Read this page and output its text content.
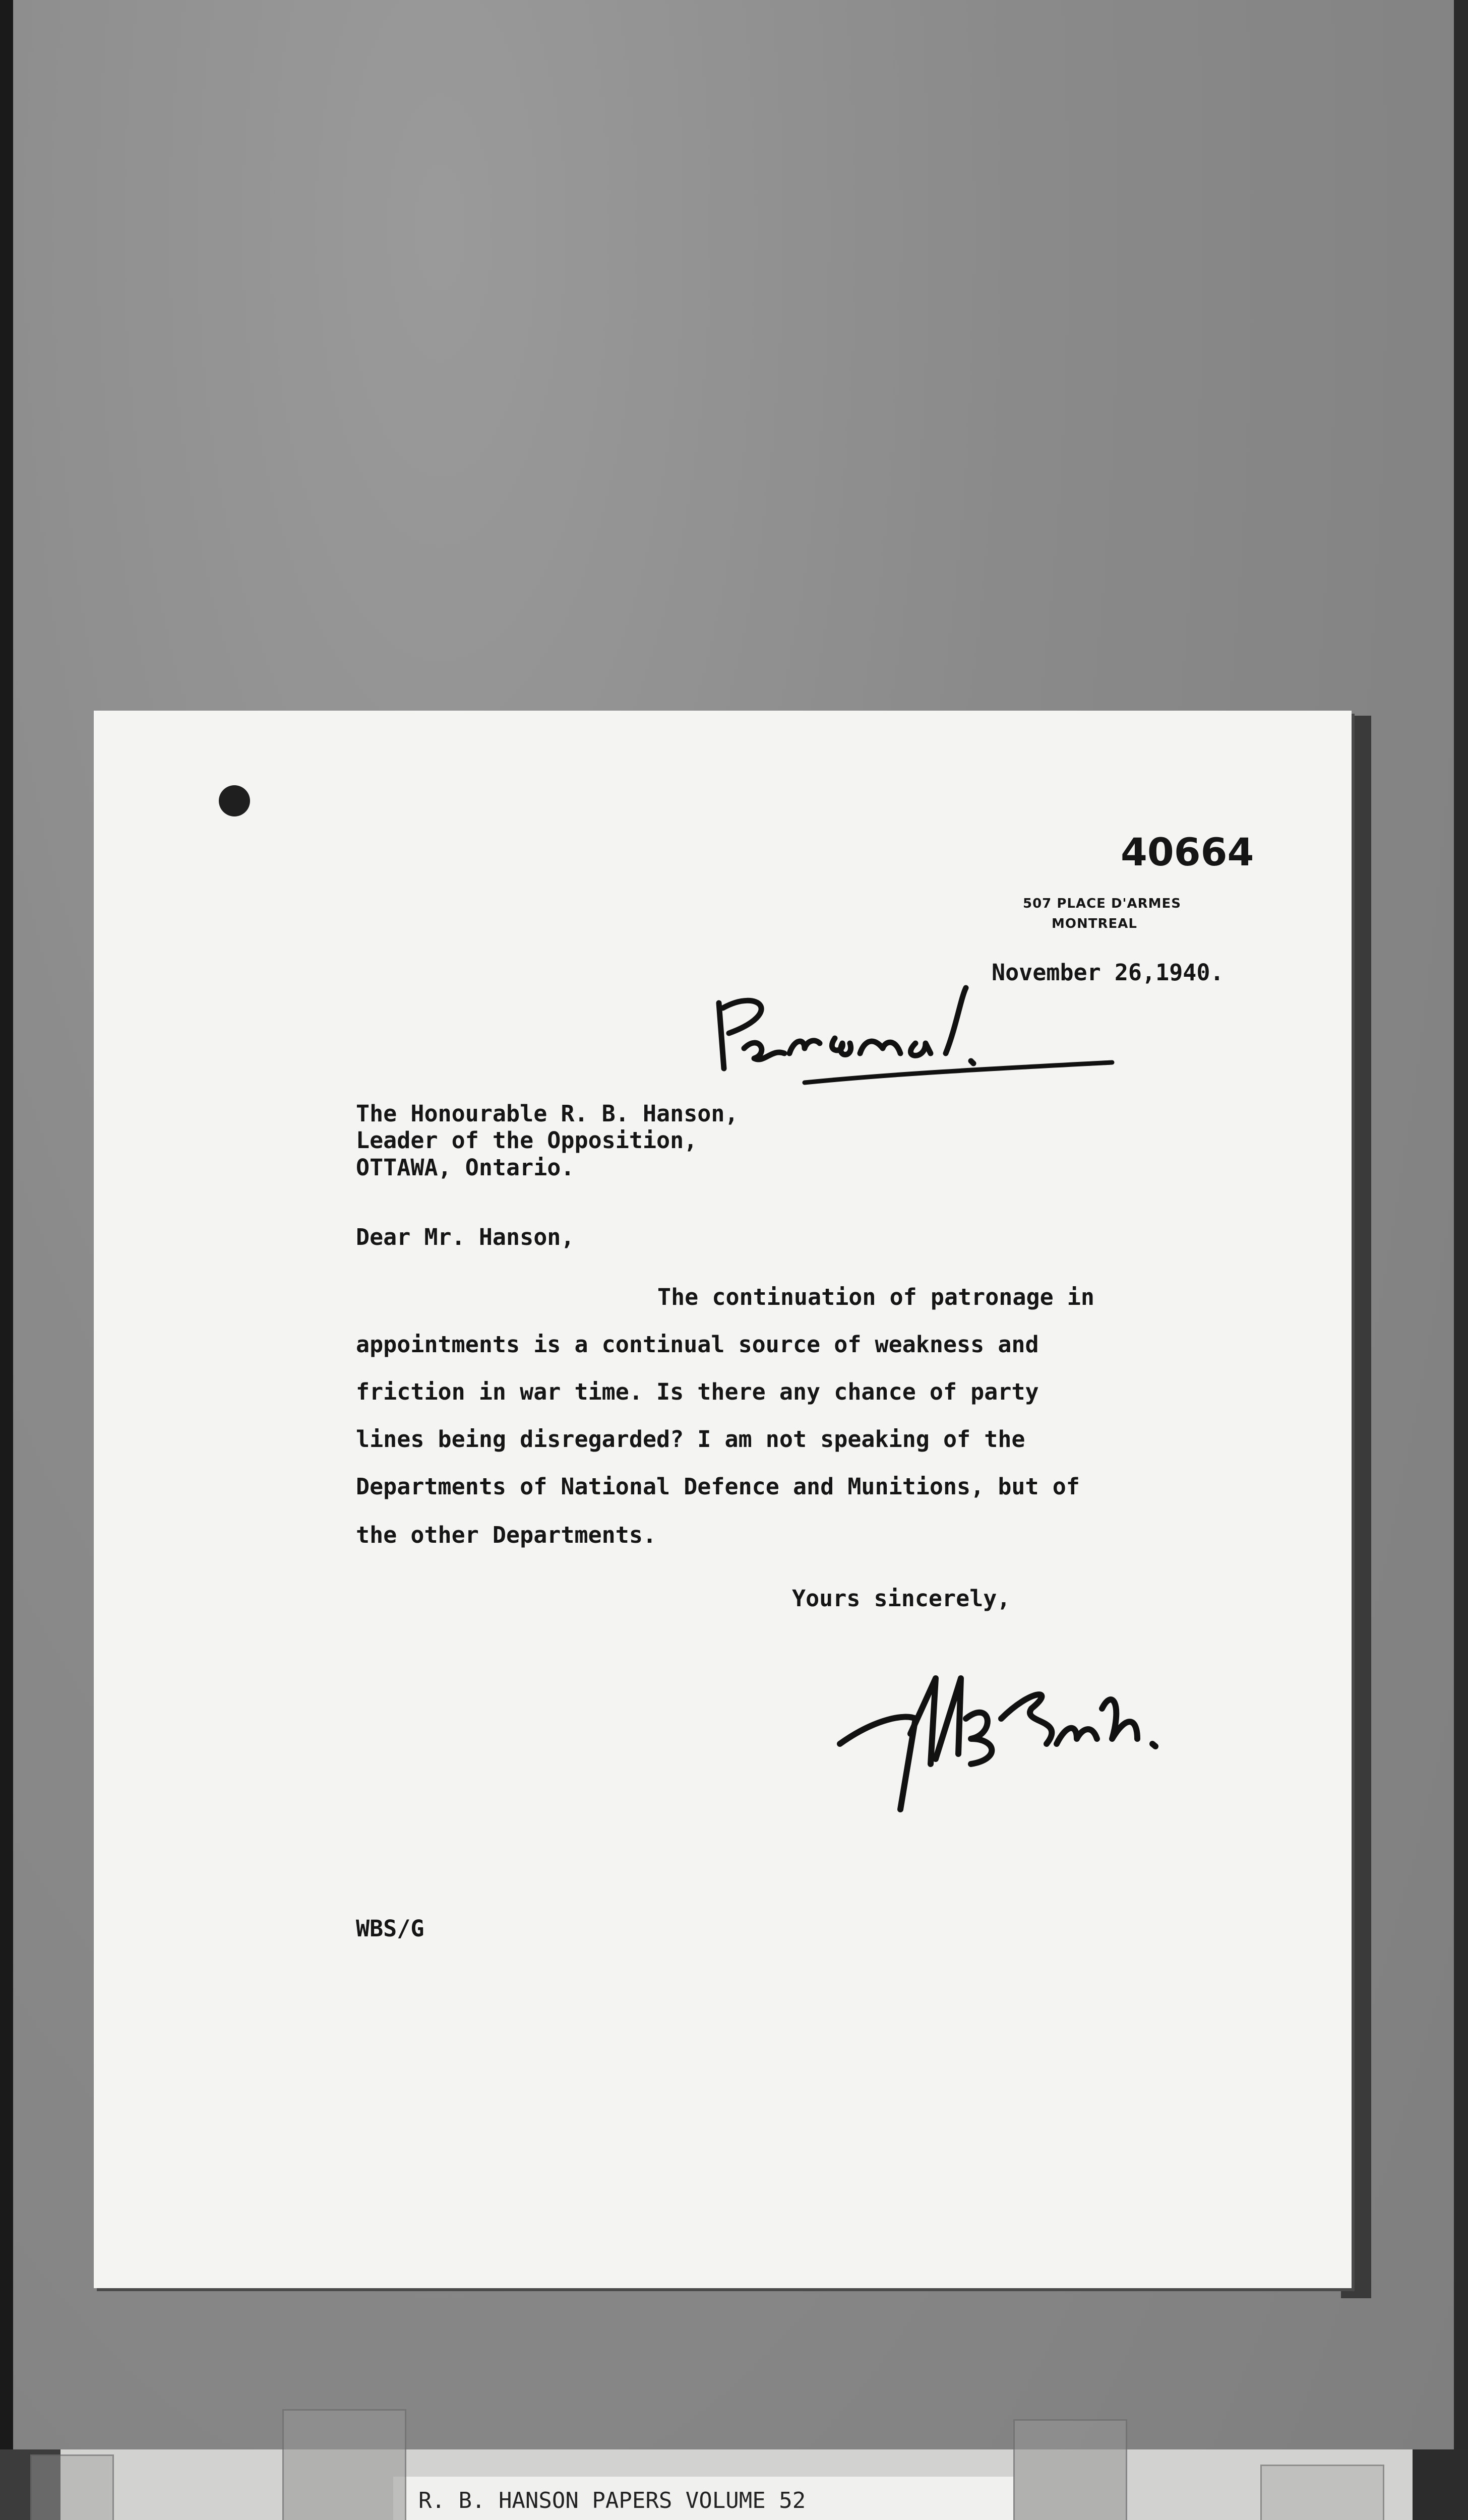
40664
507 PLACE D'ARMES
MONTREAL
November 26,1940.
The Honourable R. B. Hanson,
Leader of the Opposition,
OTTAWA, Ontario.
Dear Mr. Hanson,
The continuation of patronage in
appointments is a continual source of weakness and
friction in war time. Is there any chance of party
lines being disregarded? I am not speaking of the
Departments of National Defence and Munitions, but of
the other Departments.
Yours sincerely,
WBS/G
R. B. HANSON PAPERS VOLUME 52
